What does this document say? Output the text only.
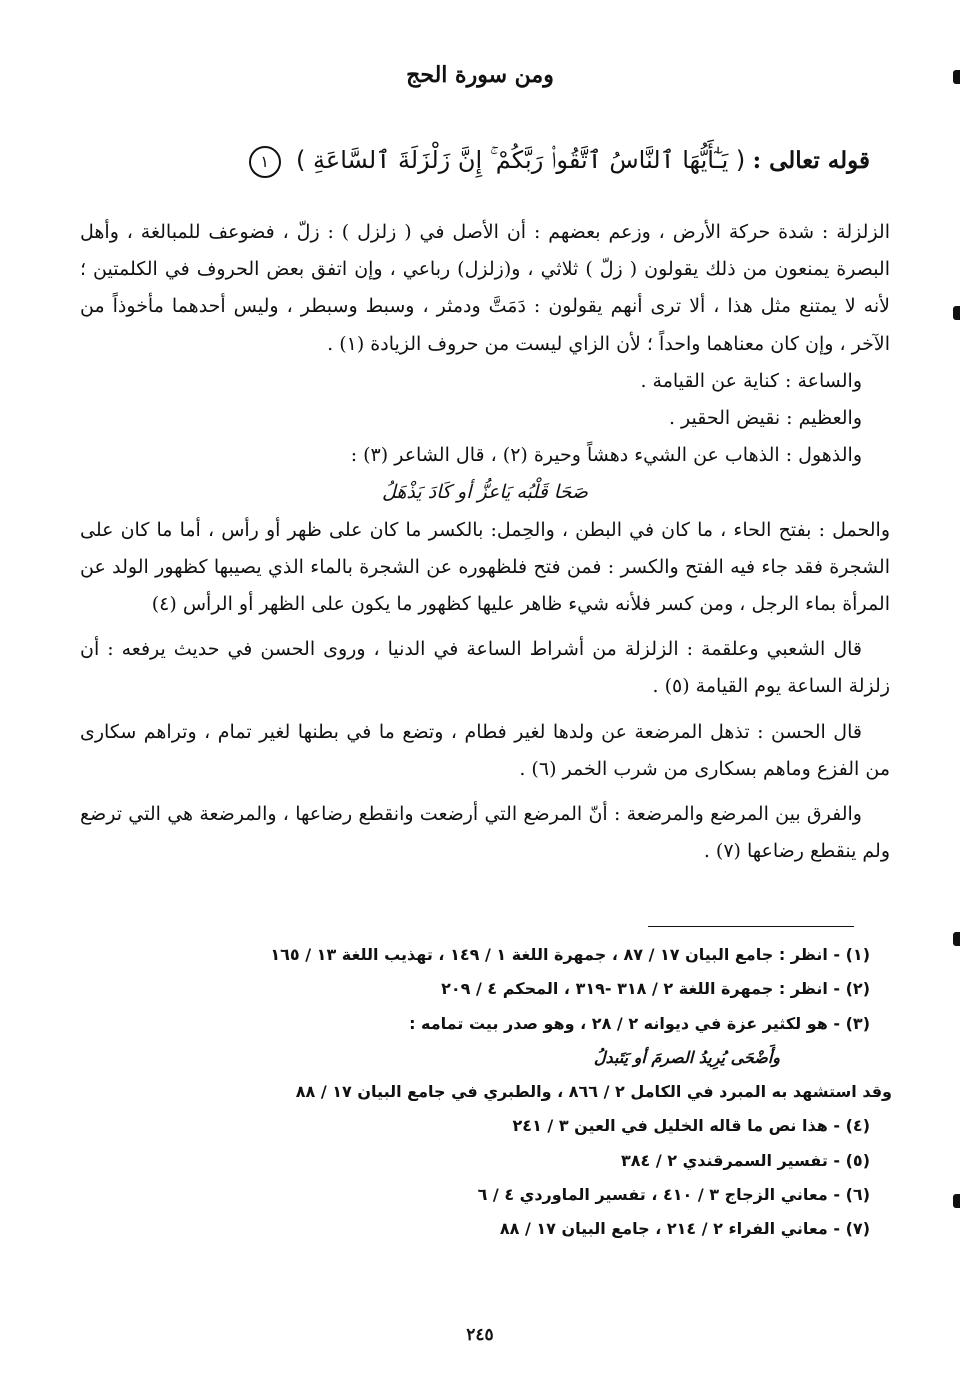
ومن سورة الحج
قوله تعالى : ( يَـٰٓأَيُّهَا ٱلنَّاسُ ٱتَّقُوا۟ رَبَّكُمْ ۚ إِنَّ زَلْزَلَةَ ٱلسَّاعَةِ ) ١

الزلزلة : شدة حركة الأرض ، وزعم بعضهم : أن الأصل في ( زلزل ) : زلّ ، فضوعف للمبالغة ، وأهل البصرة يمنعون من ذلك يقولون ( زلّ ) ثلاثي ، و(زلزل) رباعي ، وإن اتفق بعض الحروف في الكلمتين ؛ لأنه لا يمتنع مثل هذا ، ألا ترى أنهم يقولون : دَمَتَّ ودمثر ، وسبط وسبطر ، وليس أحدهما مأخوذاً من الآخر ، وإن كان معناهما واحداً ؛ لأن الزاي ليست من حروف الزيادة (١) .

والساعة : كناية عن القيامة .

والعظيم : نقيض الحقير .

والذهول : الذهاب عن الشيء دهشاً وحيرة (٢) ، قال الشاعر (٣) :

صَحَا قَلْبُه يَاعزُّ أو كَادَ يَذْهَلُ

والحمل : بفتح الحاء ، ما كان في البطن ، والحِمل: بالكسر ما كان على ظهر أو رأس ، أما ما كان على الشجرة فقد جاء فيه الفتح والكسر : فمن فتح فلظهوره عن الشجرة بالماء الذي يصيبها كظهور الولد عن المرأة بماء الرجل ، ومن كسر فلأنه شيء ظاهر عليها كظهور ما يكون على الظهر أو الرأس (٤)

قال الشعبي وعلقمة : الزلزلة من أشراط الساعة في الدنيا ، وروى الحسن في حديث يرفعه : أن زلزلة الساعة يوم القيامة (٥) .

قال الحسن : تذهل المرضعة عن ولدها لغير فطام ، وتضع ما في بطنها لغير تمام ، وتراهم سكارى من الفزع وماهم بسكارى من شرب الخمر (٦) .

والفرق بين المرضع والمرضعة : أنّ المرضع التي أرضعت وانقطع رضاعها ، والمرضعة هي التي ترضع ولم ينقطع رضاعها (٧) .

(١) - انظر : جامع البيان ١٧ / ٨٧ ، جمهرة اللغة ١ / ١٤٩ ، تهذيب اللغة ١٣ / ١٦٥

(٢) - انظر : جمهرة اللغة ٢ / ٣١٨ -٣١٩ ، المحكم ٤ / ٢٠٩

(٣) - هو لكثير عزة في ديوانه ٢ / ٢٨ ، وهو صدر بيت تمامه :

وأَضْحَى يُرِيدُ الصرمَ أو يَتَبدلُ

وقد استشهد به المبرد في الكامل ٢ / ٨٦٦ ، والطبري في جامع البيان ١٧ / ٨٨

(٤) - هذا نص ما قاله الخليل في العين ٣ / ٢٤١

(٥) - تفسير السمرقندي ٢ / ٣٨٤

(٦) - معاني الزجاج ٣ / ٤١٠ ، تفسير الماوردي ٤ / ٦

(٧) - معاني الفراء ٢ / ٢١٤ ، جامع البيان ١٧ / ٨٨

٢٤٥
